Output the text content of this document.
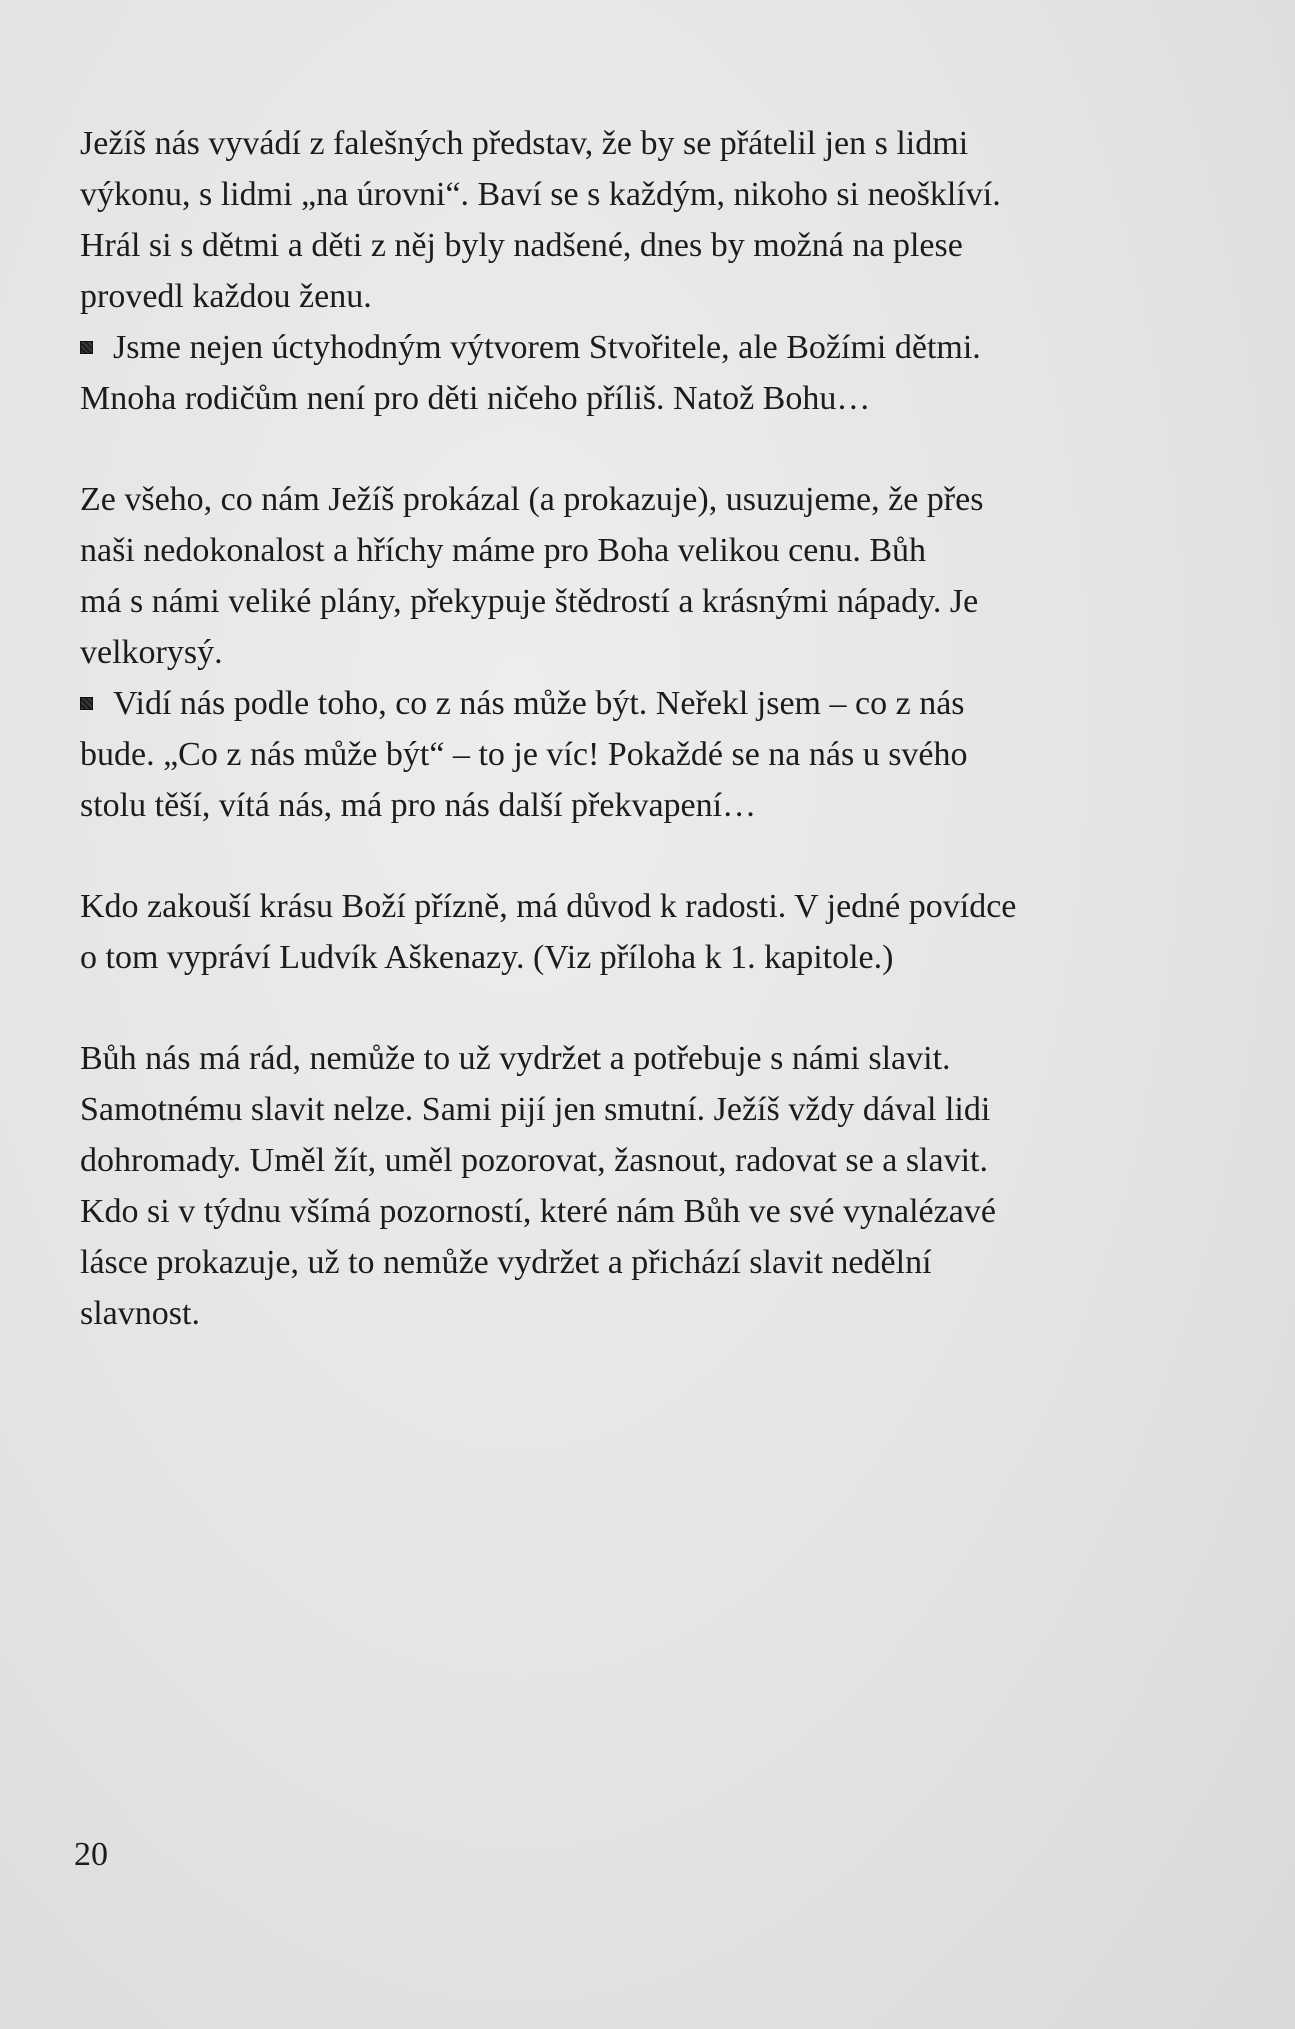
Ježíš nás vyvádí z falešných představ, že by se přátelil jen s lidmi
výkonu, s lidmi „na úrovni“. Baví se s každým, nikoho si neošklíví.
Hrál si s dětmi a děti z něj byly nadšené, dnes by možná na plese
provedl každou ženu.

Jsme nejen úctyhodným výtvorem Stvořitele, ale Božími dětmi.
Mnoha rodičům není pro děti ničeho příliš. Natož Bohu…

Ze všeho, co nám Ježíš prokázal (a prokazuje), usuzujeme, že přes
naši nedokonalost a hříchy máme pro Boha velikou cenu. Bůh
má s námi veliké plány, překypuje štědrostí a krásnými nápady. Je
velkorysý.

Vidí nás podle toho, co z nás může být. Neřekl jsem – co z nás
bude. „Co z nás může být“ – to je víc! Pokaždé se na nás u svého
stolu těší, vítá nás, má pro nás další překvapení…

Kdo zakouší krásu Boží přízně, má důvod k radosti. V jedné povídce
o tom vypráví Ludvík Aškenazy. (Viz příloha k 1. kapitole.)

Bůh nás má rád, nemůže to už vydržet a potřebuje s námi slavit.
Samotnému slavit nelze. Sami pijí jen smutní. Ježíš vždy dával lidi
dohromady. Uměl žít, uměl pozorovat, žasnout, radovat se a slavit.
Kdo si v týdnu všímá pozorností, které nám Bůh ve své vynalézavé
lásce prokazuje, už to nemůže vydržet a přichází slavit nedělní
slavnost.

20
